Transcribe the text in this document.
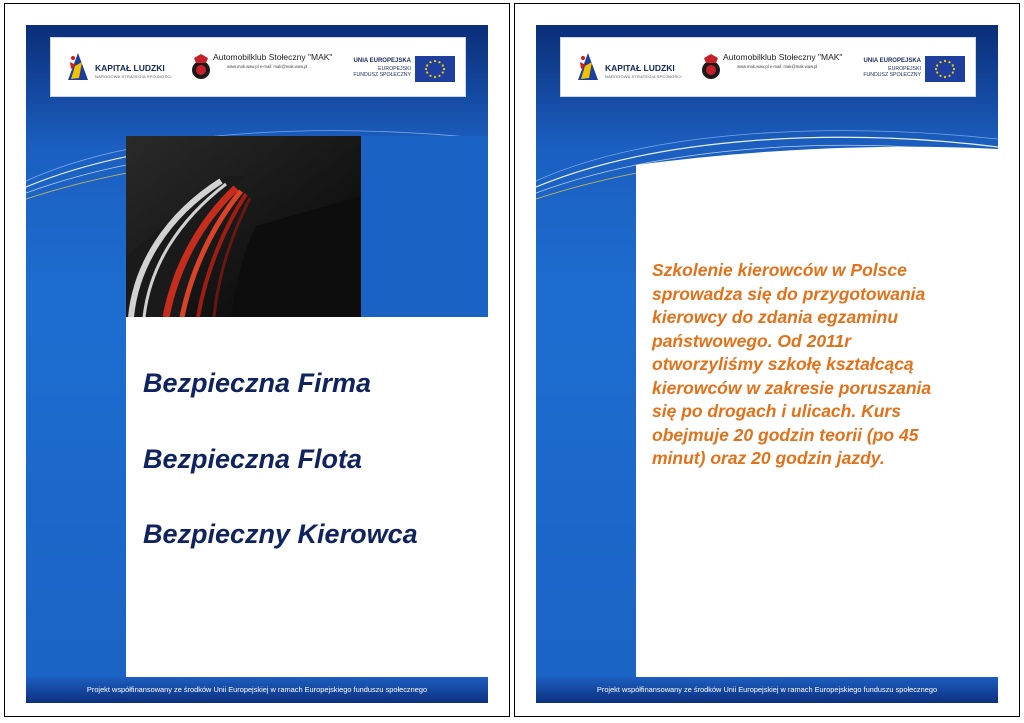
KAPITAŁ LUDZKI
NARODOWA STRATEGIA SPÓJNOŚCI
Automobilklub Stołeczny "MAK"
www.mak.waw.pl e-mail: mak@mak.waw.pl
UNIA EUROPEJSKA
EUROPEJSKI
FUNDUSZ SPOŁECZNY
Bezpieczna Firma
Bezpieczna Flota
Bezpieczny Kierowca
Projekt współfinansowany ze środków Unii Europejskiej w ramach Europejskiego funduszu społecznego
KAPITAŁ LUDZKI
NARODOWA STRATEGIA SPÓJNOŚCI
Automobilklub Stołeczny "MAK"
www.mak.waw.pl e-mail: mak@mak.waw.pl
UNIA EUROPEJSKA
EUROPEJSKI
FUNDUSZ SPOŁECZNY
Szkolenie kierowców w Polsce
sprowadza się do przygotowania
kierowcy do zdania egzaminu
państwowego. Od 2011r
otworzyliśmy szkołę kształcącą
kierowców w zakresie poruszania
się po drogach i ulicach. Kurs
obejmuje 20 godzin teorii (po 45
minut) oraz 20 godzin jazdy.
Projekt współfinansowany ze środków Unii Europejskiej w ramach Europejskiego funduszu społecznego
